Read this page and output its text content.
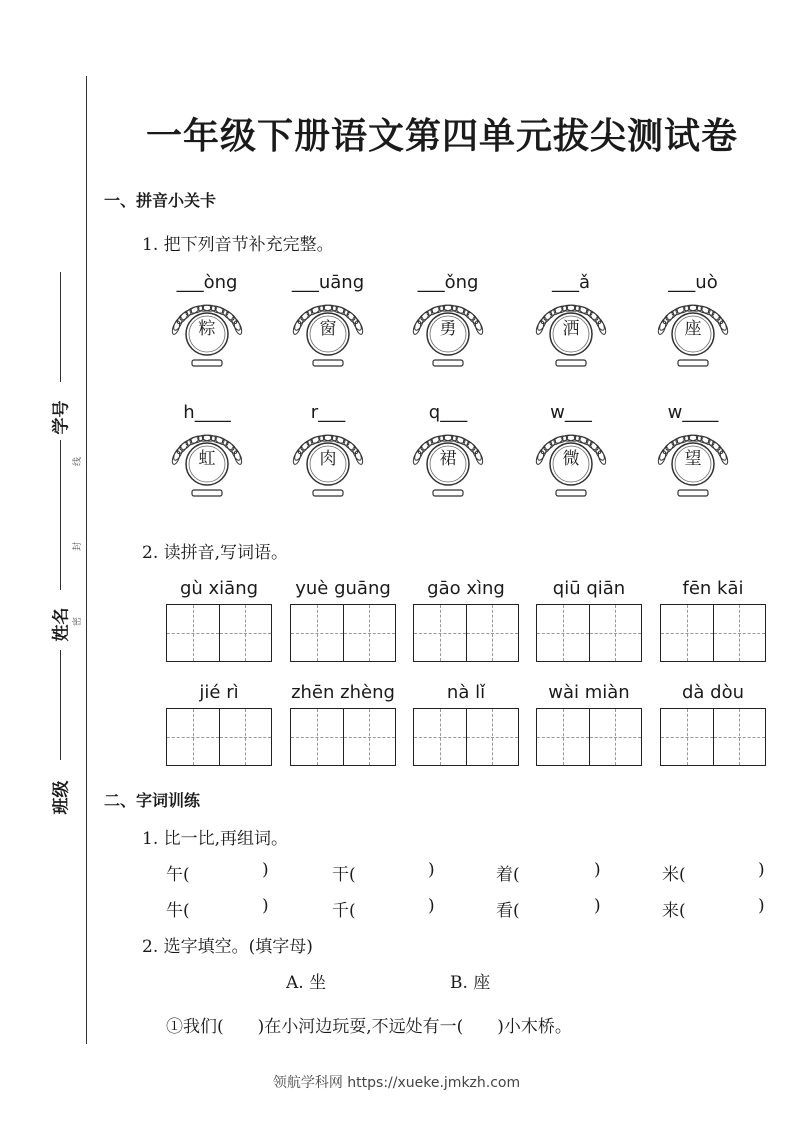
学号
姓名
班级
线
封
密
一年级下册语文第四单元拔尖测试卷
一、拼音小关卡
1. 把下列音节补充完整。
___òng
粽
___uāng
窗
___ǒng
勇
___ǎ
洒
___uò
座
h____
虹
r___
肉
q___
裙
w___
微
w____
望
2. 读拼音,写词语。
gù xiāng	yuè guāng	gāo xìng	qiū qiān	fēn kāi
jié rì	zhēn zhèng	nà lǐ	wài miàn	dà dòu
二、字词训练
1. 比一比,再组词。
午(	)	干(	)	着(	)	米(	)
牛(	)	千(	)	看(	)	来(	)
2. 选字填空。(填字母)
A. 坐	B. 座
①我们(　　)在小河边玩耍,不远处有一(　　)小木桥。
领航学科网 https://xueke.jmkzh.com
